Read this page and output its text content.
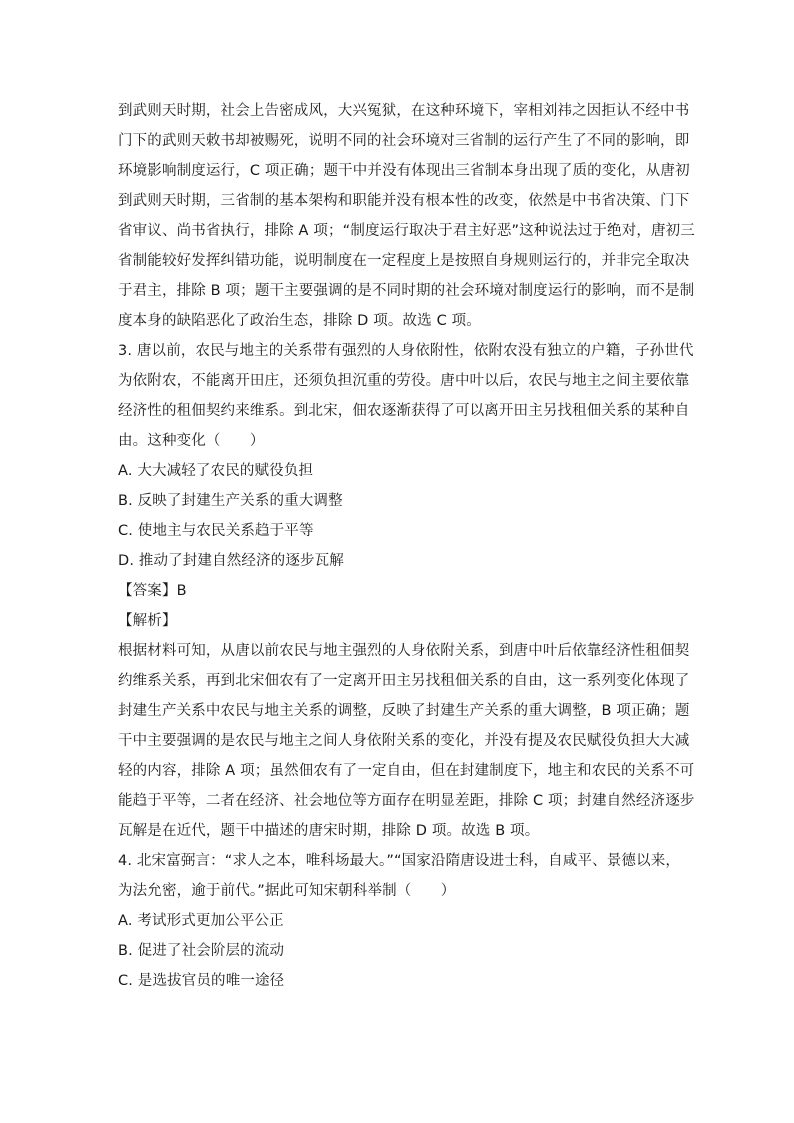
到武则天时期，社会上告密成风，大兴冤狱，在这种环境下，宰相刘祎之因拒认不经中书
门下的武则天敕书却被赐死，说明不同的社会环境对三省制的运行产生了不同的影响，即
环境影响制度运行，C 项正确；题干中并没有体现出三省制本身出现了质的变化，从唐初
到武则天时期，三省制的基本架构和职能并没有根本性的改变，依然是中书省决策、门下
省审议、尚书省执行，排除 A 项；“制度运行取决于君主好恶”这种说法过于绝对，唐初三
省制能较好发挥纠错功能，说明制度在一定程度上是按照自身规则运行的，并非完全取决
于君主，排除 B 项；题干主要强调的是不同时期的社会环境对制度运行的影响，而不是制
度本身的缺陷恶化了政治生态，排除 D 项。故选 C 项。
3. 唐以前，农民与地主的关系带有强烈的人身依附性，依附农没有独立的户籍，子孙世代
为依附农，不能离开田庄，还须负担沉重的劳役。唐中叶以后，农民与地主之间主要依靠
经济性的租佃契约来维系。到北宋，佃农逐渐获得了可以离开田主另找租佃关系的某种自
由。这种变化（　　）
A. 大大减轻了农民的赋役负担
B. 反映了封建生产关系的重大调整
C. 使地主与农民关系趋于平等
D. 推动了封建自然经济的逐步瓦解
【答案】B
【解析】
根据材料可知，从唐以前农民与地主强烈的人身依附关系，到唐中叶后依靠经济性租佃契
约维系关系，再到北宋佃农有了一定离开田主另找租佃关系的自由，这一系列变化体现了
封建生产关系中农民与地主关系的调整，反映了封建生产关系的重大调整，B 项正确；题
干中主要强调的是农民与地主之间人身依附关系的变化，并没有提及农民赋役负担大大减
轻的内容，排除 A 项；虽然佃农有了一定自由，但在封建制度下，地主和农民的关系不可
能趋于平等，二者在经济、社会地位等方面存在明显差距，排除 C 项；封建自然经济逐步
瓦解是在近代，题干中描述的唐宋时期，排除 D 项。故选 B 项。
4. 北宋富弼言：“求人之本，唯科场最大。”“国家沿隋唐设进士科，自咸平、景德以来，
为法允密，逾于前代。”据此可知宋朝科举制（　　）
A. 考试形式更加公平公正
B. 促进了社会阶层的流动
C. 是选拔官员的唯一途径
